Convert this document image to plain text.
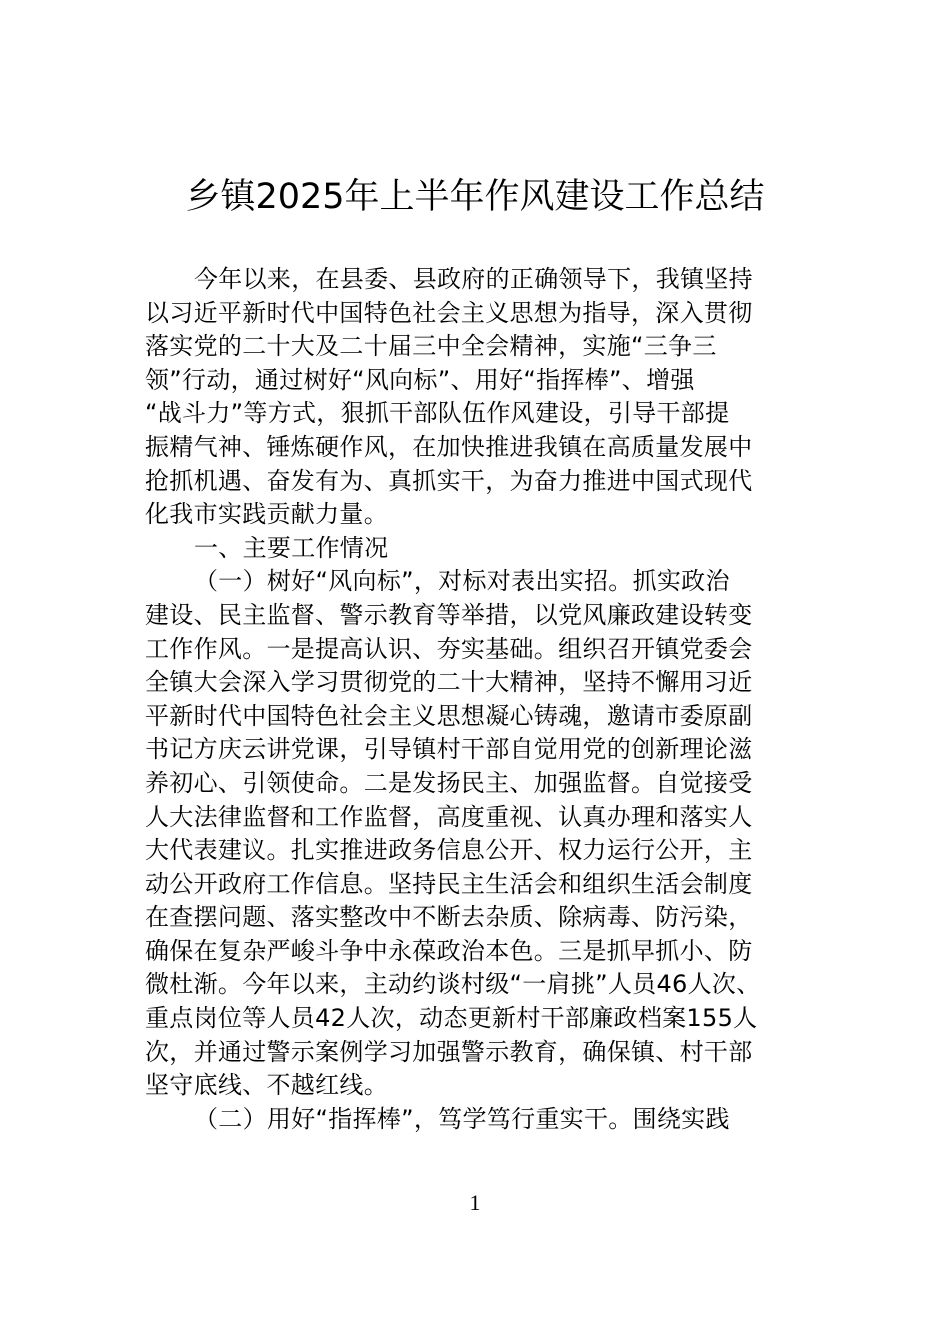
乡镇2025年上半年作风建设工作总结
今年以来，在县委、县政府的正确领导下，我镇坚持
以习近平新时代中国特色社会主义思想为指导，深入贯彻
落实党的二十大及二十届三中全会精神，实施“三争三
领”行动，通过树好“风向标”、用好“指挥棒”、增强
“战斗力”等方式，狠抓干部队伍作风建设，引导干部提
振精气神、锤炼硬作风，在加快推进我镇在高质量发展中
抢抓机遇、奋发有为、真抓实干，为奋力推进中国式现代
化我市实践贡献力量。
一、主要工作情况
（一）树好“风向标”，对标对表出实招。抓实政治
建设、民主监督、警示教育等举措，以党风廉政建设转变
工作作风。一是提高认识、夯实基础。组织召开镇党委会
全镇大会深入学习贯彻党的二十大精神，坚持不懈用习近
平新时代中国特色社会主义思想凝心铸魂，邀请市委原副
书记方庆云讲党课，引导镇村干部自觉用党的创新理论滋
养初心、引领使命。二是发扬民主、加强监督。自觉接受
人大法律监督和工作监督，高度重视、认真办理和落实人
大代表建议。扎实推进政务信息公开、权力运行公开，主
动公开政府工作信息。坚持民主生活会和组织生活会制度
在查摆问题、落实整改中不断去杂质、除病毒、防污染，
确保在复杂严峻斗争中永葆政治本色。三是抓早抓小、防
微杜渐。今年以来，主动约谈村级“一肩挑”人员46人次、
重点岗位等人员42人次，动态更新村干部廉政档案155人
次，并通过警示案例学习加强警示教育，确保镇、村干部
坚守底线、不越红线。
（二）用好“指挥棒”，笃学笃行重实干。围绕实践
1
